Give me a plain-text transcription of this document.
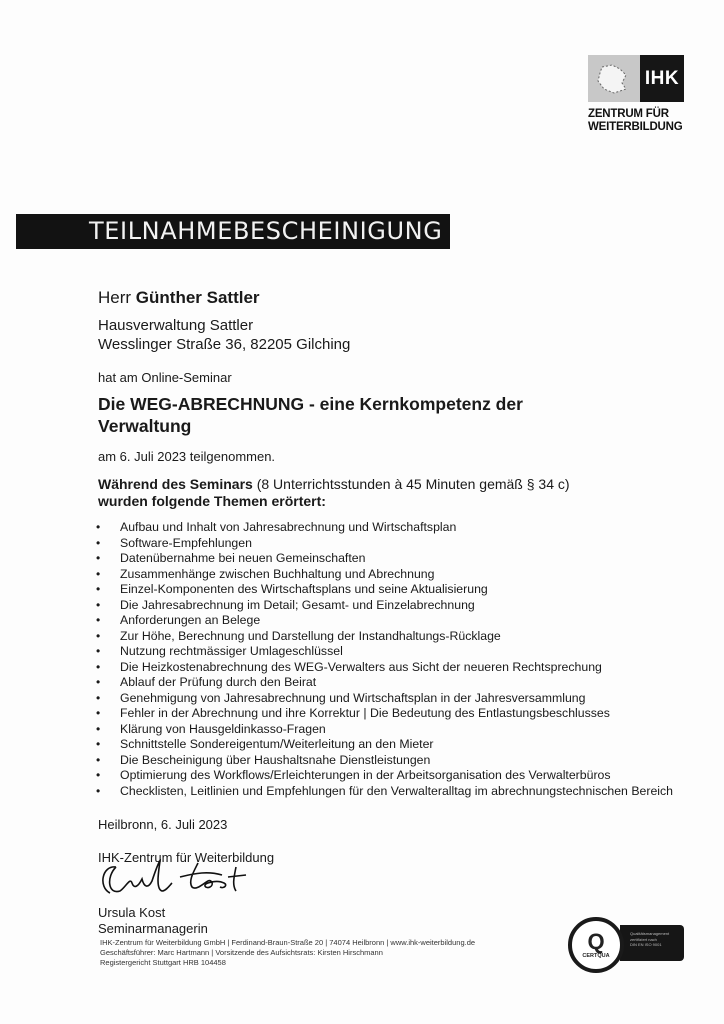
IHK
ZENTRUM FÜR
WEITERBILDUNG
TEILNAHMEBESCHEINIGUNG

Herr Günther Sattler

Hausverwaltung Sattler
Wesslinger Straße 36, 82205 Gilching
hat am Online-Seminar
Die WEG-ABRECHNUNG - eine Kernkompetenz der Verwaltung
am 6. Juli 2023 teilgenommen.
Während des Seminars (8 Unterrichtsstunden à 45 Minuten gemäß § 34 c)
wurden folgende Themen erörtert:
• Aufbau und Inhalt von Jahresabrechnung und Wirtschaftsplan
• Software-Empfehlungen
• Datenübernahme bei neuen Gemeinschaften
• Zusammenhänge zwischen Buchhaltung und Abrechnung
• Einzel-Komponenten des Wirtschaftsplans und seine Aktualisierung
• Die Jahresabrechnung im Detail; Gesamt- und Einzelabrechnung
• Anforderungen an Belege
• Zur Höhe, Berechnung und Darstellung der Instandhaltungs-Rücklage
• Nutzung rechtmässiger Umlageschlüssel
• Die Heizkostenabrechnung des WEG-Verwalters aus Sicht der neueren Rechtsprechung
• Ablauf der Prüfung durch den Beirat
• Genehmigung von Jahresabrechnung und Wirtschaftsplan in der Jahresversammlung
• Fehler in der Abrechnung und ihre Korrektur | Die Bedeutung des Entlastungsbeschlusses
• Klärung von Hausgeldinkasso-Fragen
• Schnittstelle Sondereigentum/Weiterleitung an den Mieter
• Die Bescheinigung über Haushaltsnahe Dienstleistungen
• Optimierung des Workflows/Erleichterungen in der Arbeitsorganisation des Verwalterbüros
• Checklisten, Leitlinien und Empfehlungen für den Verwalteralltag im abrechnungstechnischen Bereich
Heilbronn, 6. Juli 2023
IHK-Zentrum für Weiterbildung
Ursula Kost
Seminarmanagerin
IHK-Zentrum für Weiterbildung GmbH | Ferdinand-Braun-Straße 20 | 74074 Heilbronn | www.ihk-weiterbildung.de
Geschäftsführer: Marc Hartmann | Vorsitzende des Aufsichtsrats: Kirsten Hirschmann
Registergericht Stuttgart HRB 104458
Qualitätsmanagement
zertifiziert nach
DIN EN ISO 9001
Q
CERTQUA
